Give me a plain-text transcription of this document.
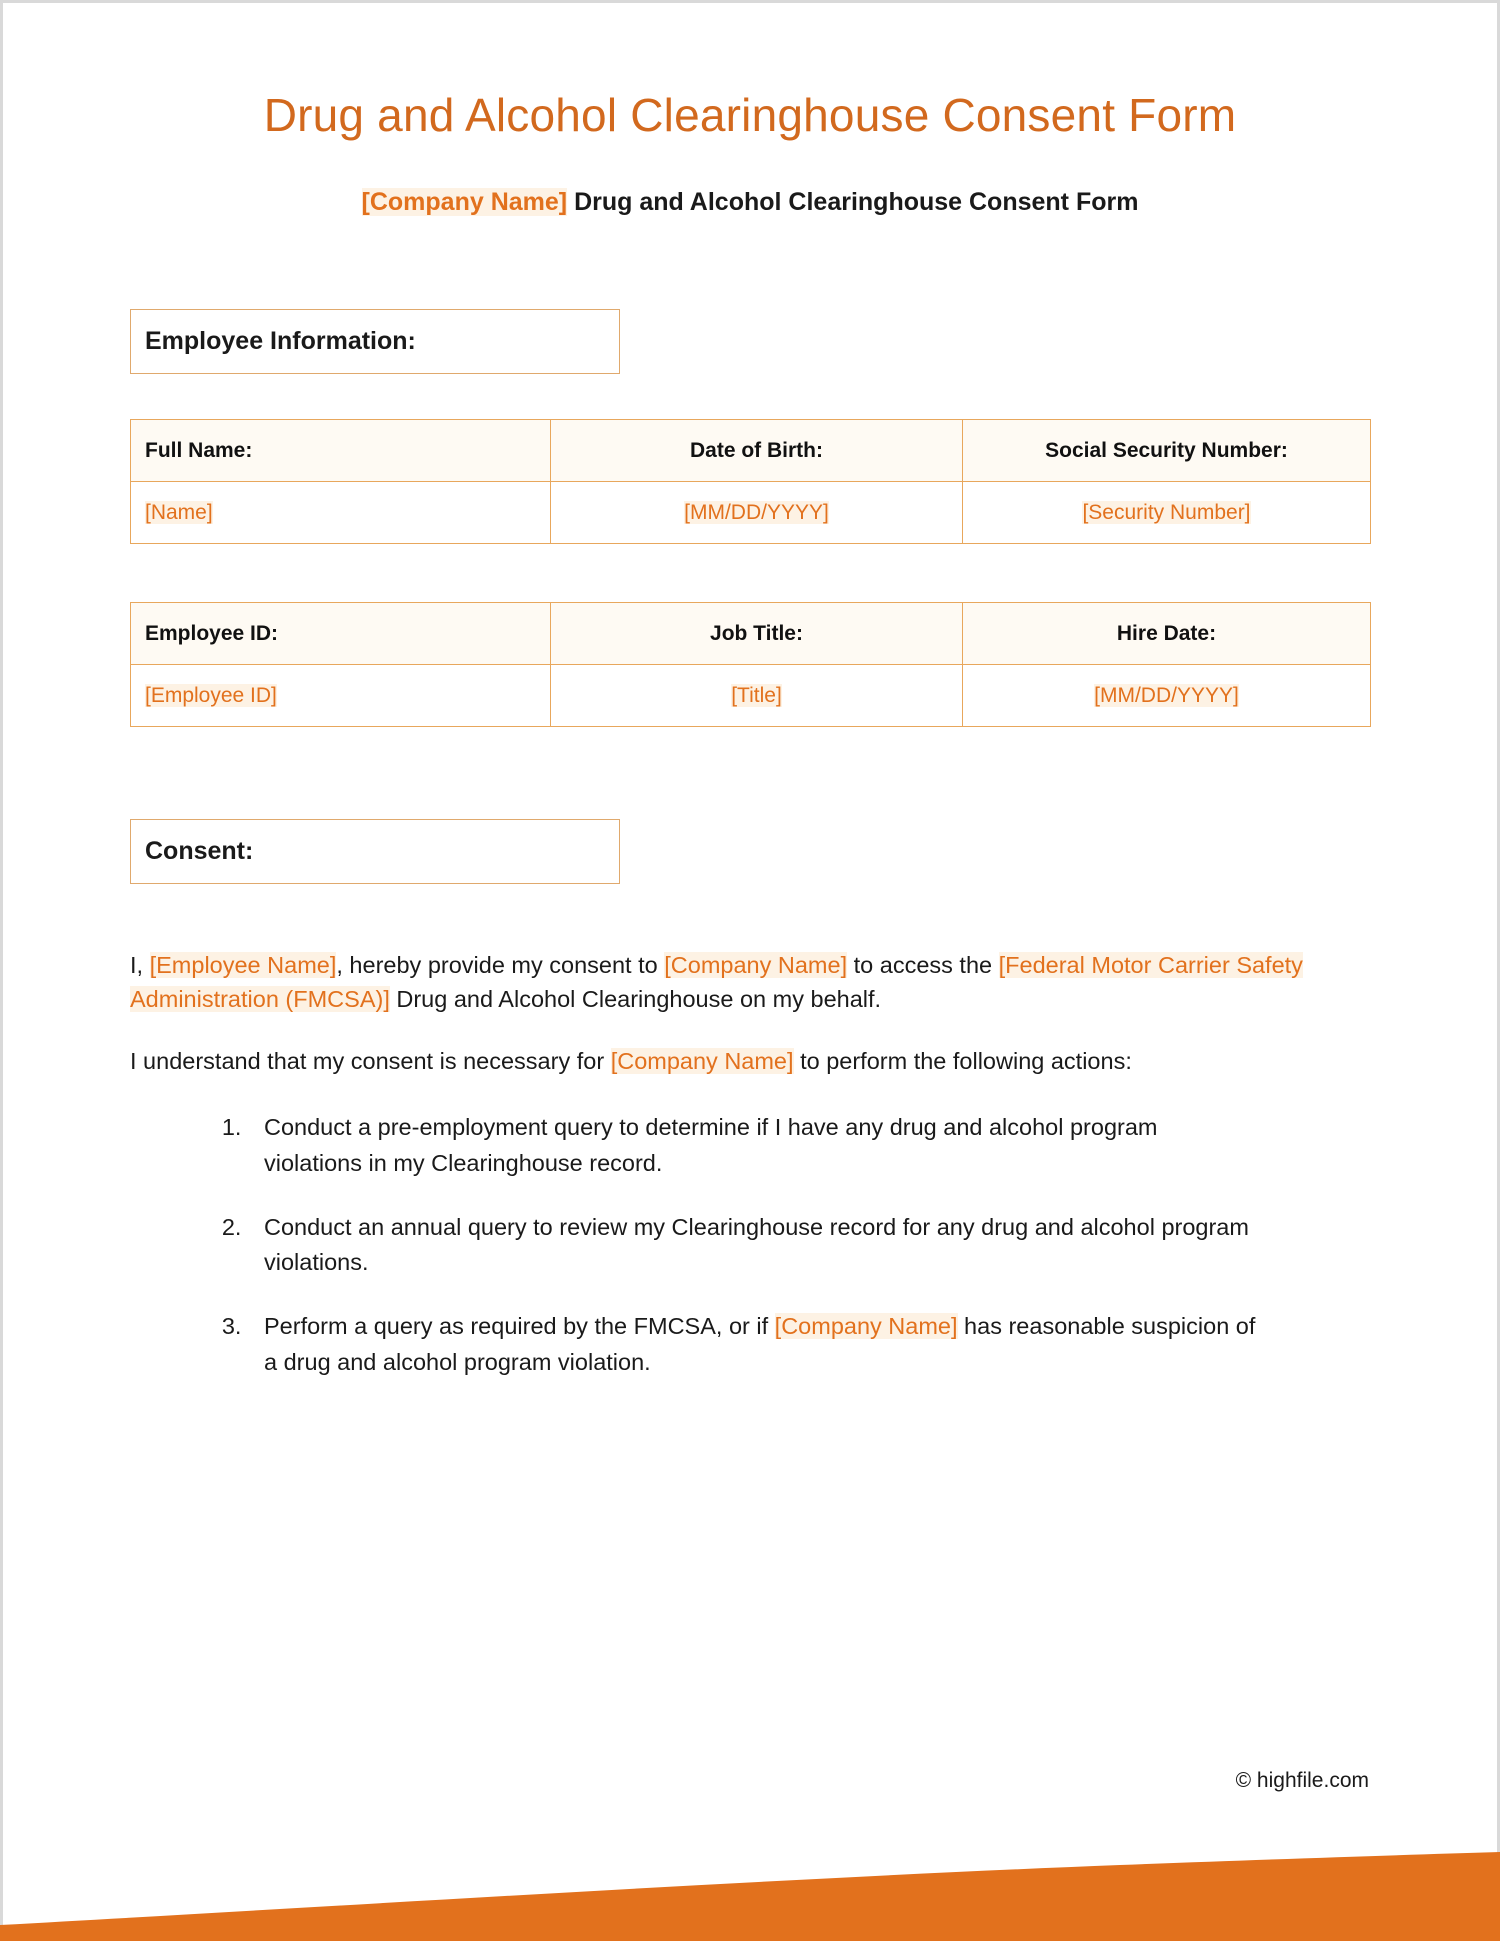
Drug and Alcohol Clearinghouse Consent Form

[Company Name] Drug and Alcohol Clearinghouse Consent Form

Employee Information:
Full Name:	Date of Birth:	Social Security Number:
[Name]	[MM/DD/YYYY]	[Security Number]
Employee ID:	Job Title:	Hire Date:
[Employee ID]	[Title]	[MM/DD/YYYY]
Consent:

I, [Employee Name], hereby provide my consent to [Company Name] to access the [Federal Motor Carrier Safety Administration (FMCSA)] Drug and Alcohol Clearinghouse on my behalf.

I understand that my consent is necessary for [Company Name] to perform the following actions:

1. Conduct a pre-employment query to determine if I have any drug and alcohol program violations in my Clearinghouse record.
2. Conduct an annual query to review my Clearinghouse record for any drug and alcohol program violations.
3. Perform a query as required by the FMCSA, or if [Company Name] has reasonable suspicion of a drug and alcohol program violation.
© highfile.com
